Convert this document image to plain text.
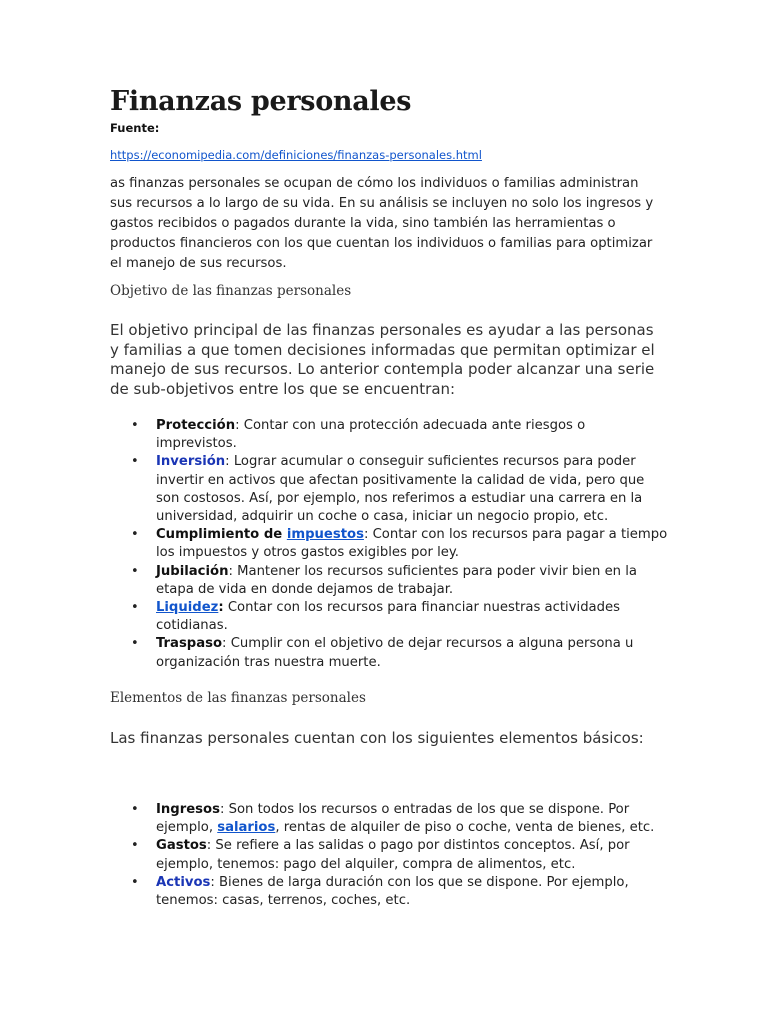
Finanzas personales
Fuente:
https://economipedia.com/definiciones/finanzas-personales.html
as finanzas personales se ocupan de cómo los individuos o familias administran sus recursos a lo largo de su vida. En su análisis se incluyen no solo los ingresos y gastos recibidos o pagados durante la vida, sino también las herramientas o productos financieros con los que cuentan los individuos o familias para optimizar el manejo de sus recursos.
Objetivo de las finanzas personales
El objetivo principal de las finanzas personales es ayudar a las personas y familias a que tomen decisiones informadas que permitan optimizar el manejo de sus recursos. Lo anterior contempla poder alcanzar una serie de sub-objetivos entre los que se encuentran:
• Protección: Contar con una protección adecuada ante riesgos o imprevistos.
• Inversión: Lograr acumular o conseguir suficientes recursos para poder invertir en activos que afectan positivamente la calidad de vida, pero que son costosos. Así, por ejemplo, nos referimos a estudiar una carrera en la universidad, adquirir un coche o casa, iniciar un negocio propio, etc.
• Cumplimiento de impuestos: Contar con los recursos para pagar a tiempo los impuestos y otros gastos exigibles por ley.
• Jubilación: Mantener los recursos suficientes para poder vivir bien en la etapa de vida en donde dejamos de trabajar.
• Liquidez: Contar con los recursos para financiar nuestras actividades cotidianas.
• Traspaso: Cumplir con el objetivo de dejar recursos a alguna persona u organización tras nuestra muerte.
Elementos de las finanzas personales
Las finanzas personales cuentan con los siguientes elementos básicos:
• Ingresos: Son todos los recursos o entradas de los que se dispone. Por ejemplo, salarios, rentas de alquiler de piso o coche, venta de bienes, etc.
• Gastos: Se refiere a las salidas o pago por distintos conceptos. Así, por ejemplo, tenemos: pago del alquiler, compra de alimentos, etc.
• Activos: Bienes de larga duración con los que se dispone. Por ejemplo, tenemos: casas, terrenos, coches, etc.
